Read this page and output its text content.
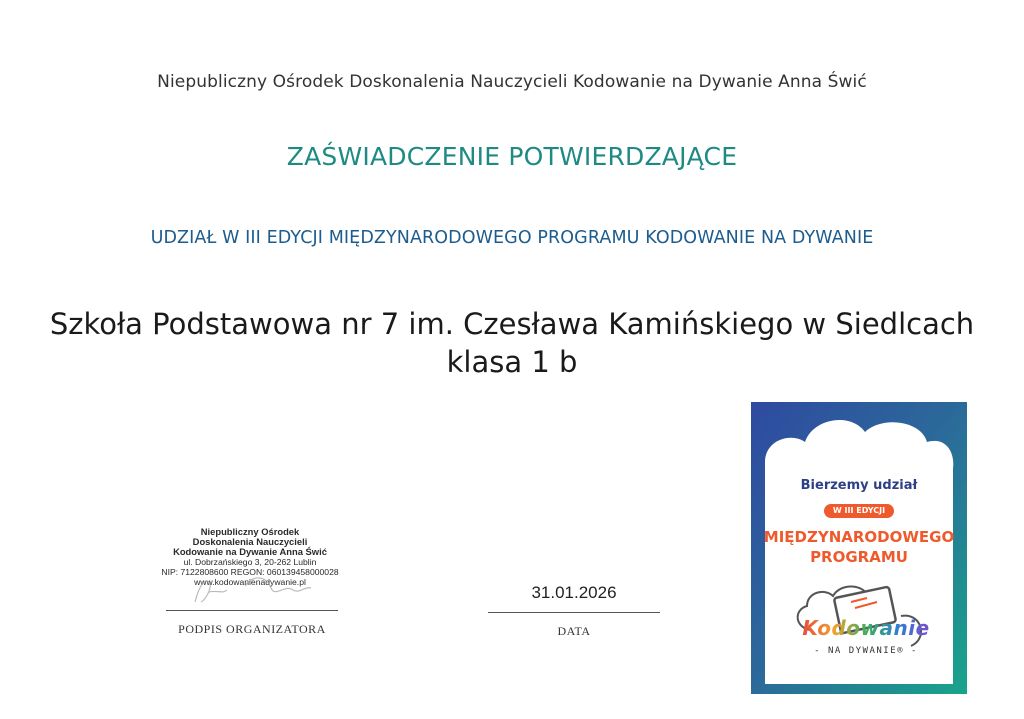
Niepubliczny Ośrodek Doskonalenia Nauczycieli Kodowanie na Dywanie Anna Świć
ZAŚWIADCZENIE POTWIERDZAJĄCE
UDZIAŁ W III EDYCJI MIĘDZYNARODOWEGO PROGRAMU KODOWANIE NA DYWANIE
Szkoła Podstawowa nr 7 im. Czesława Kamińskiego w Siedlcach
klasa 1 b
Niepubliczny Ośrodek
Doskonalenia Nauczycieli
Kodowanie na Dywanie Anna Świć
ul. Dobrzańskiego 3, 20-262 Lublin
NIP: 7122808600 REGON: 060139458000028
www.kodowanienadywanie.pl
PODPIS ORGANIZATORA
31.01.2026
DATA
Bierzemy udział
W III EDYCJI
MIĘDZYNARODOWEGO
PROGRAMU
Kodowanie
- NA DYWANIE® -
